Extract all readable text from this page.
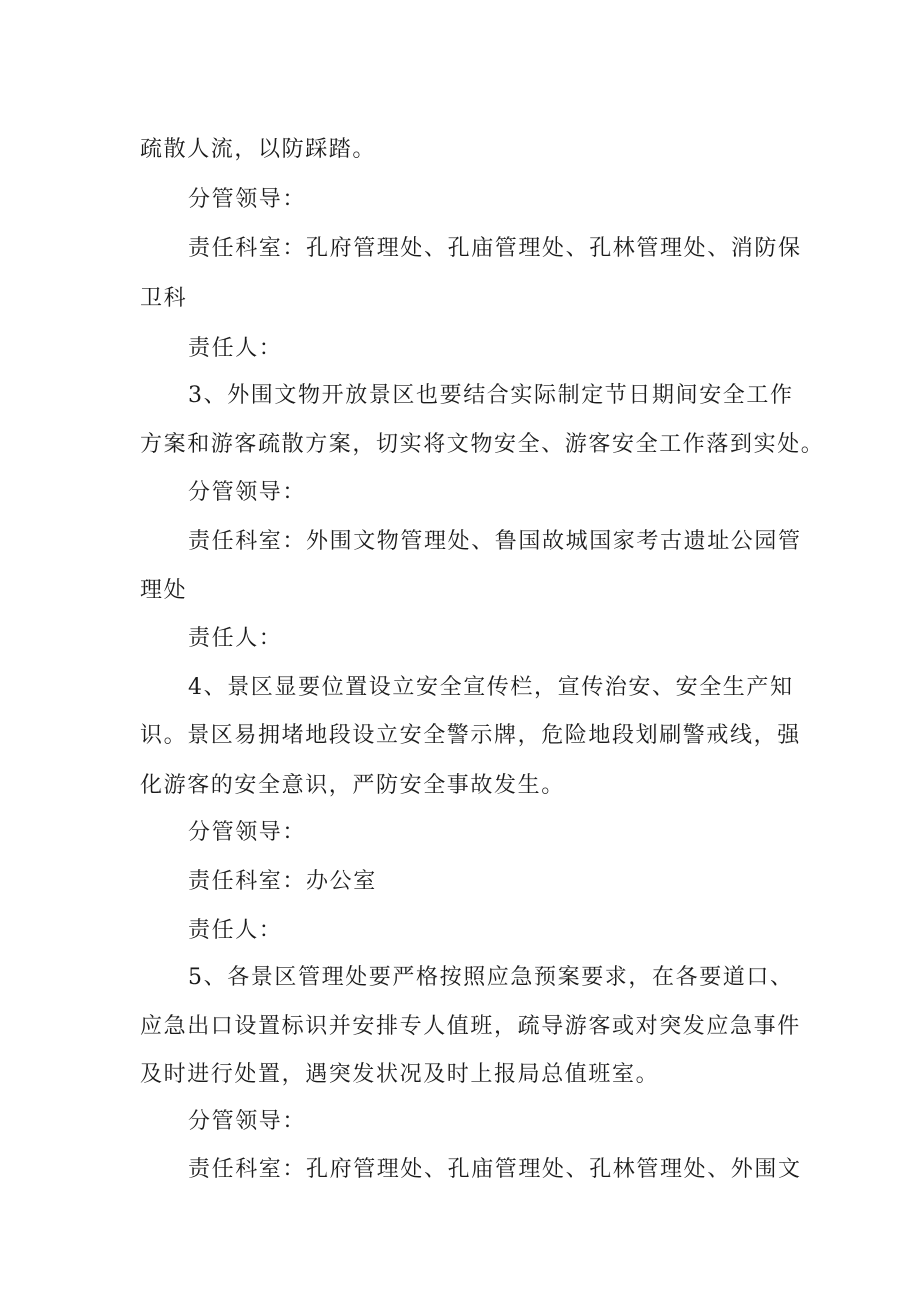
疏散人流，以防踩踏。
分管领导：
责任科室：孔府管理处、孔庙管理处、孔林管理处、消防保
卫科
责任人：
3、外围文物开放景区也要结合实际制定节日期间安全工作
方案和游客疏散方案，切实将文物安全、游客安全工作落到实处。
分管领导：
责任科室：外围文物管理处、鲁国故城国家考古遗址公园管
理处
责任人：
4、景区显要位置设立安全宣传栏，宣传治安、安全生产知
识。景区易拥堵地段设立安全警示牌，危险地段划刷警戒线，强
化游客的安全意识，严防安全事故发生。
分管领导：
责任科室：办公室
责任人：
5、各景区管理处要严格按照应急预案要求，在各要道口、
应急出口设置标识并安排专人值班，疏导游客或对突发应急事件
及时进行处置，遇突发状况及时上报局总值班室。
分管领导：
责任科室：孔府管理处、孔庙管理处、孔林管理处、外围文
